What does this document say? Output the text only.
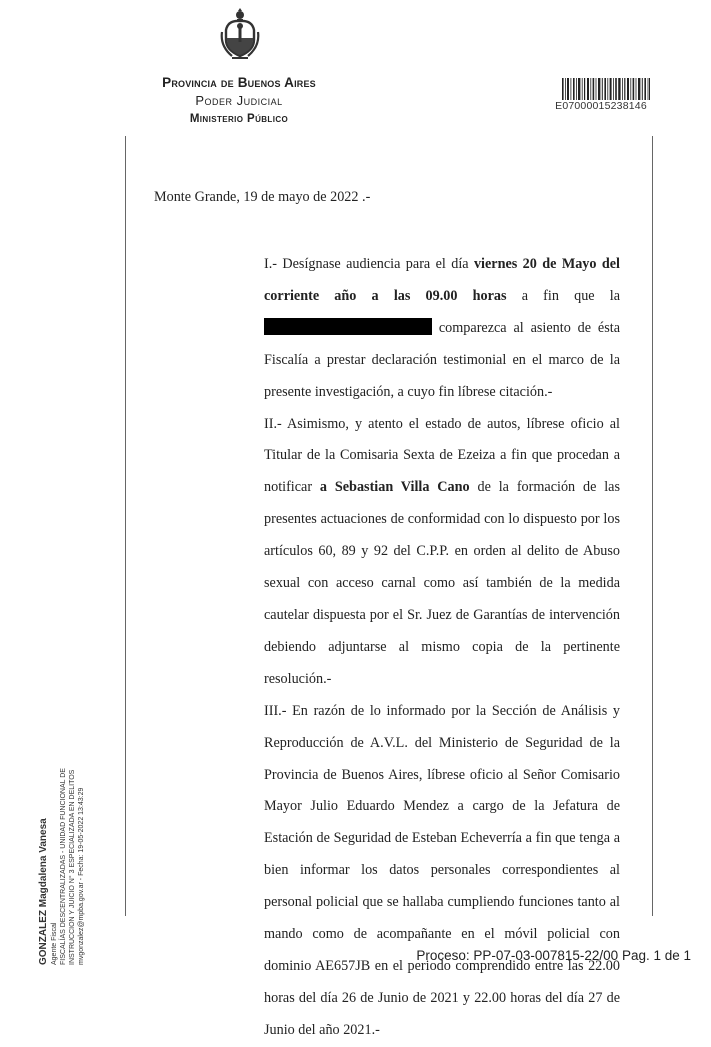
Provincia de Buenos Aires
Poder Judicial
Ministerio Público
E07000015238146
Monte Grande, 19 de mayo de 2022 .-

I.- Desígnase audiencia para el día viernes 20 de Mayo del corriente año a las 09.00 horas a fin que la  comparezca al asiento de ésta Fiscalía a prestar declaración testimonial en el marco de la presente investigación, a cuyo fin líbrese citación.-

II.- Asimismo, y atento el estado de autos, líbrese oficio al Titular de la Comisaria Sexta de Ezeiza a fin que procedan a notificar a Sebastian Villa Cano de la formación de las presentes actuaciones de conformidad con lo dispuesto por los artículos 60, 89 y 92 del C.P.P. en orden al delito de Abuso sexual con acceso carnal como así también de la medida cautelar dispuesta por el Sr. Juez de Garantías de intervención debiendo adjuntarse al mismo copia de la pertinente resolución.-

III.- En razón de lo informado por la Sección de Análisis y Reproducción de A.V.L. del Ministerio de Seguridad de la Provincia de Buenos Aires, líbrese oficio al Señor Comisario Mayor Julio Eduardo Mendez a cargo de la Jefatura de Estación de Seguridad de Esteban Echeverría a fin que tenga a bien informar los datos personales correspondientes al personal policial que se hallaba cumpliendo funciones tanto al mando como de acompañante en el móvil policial con dominio AE657JB en el periodo comprendido entre las 22.00 horas del día 26 de Junio de 2021 y 22.00 horas del día 27 de Junio del año 2021.-

GONZALEZ Magdalena Vanesa Agente Fiscal FISCALÍAS DESCENTRALIZADAS - UNIDAD FUNCIONAL DE INSTRUCCION Y JUICIO N° 3 ESPECIALIZADA EN DELITOS mvgonzalez@mpba.gov.ar - Fecha: 19-05-2022 13:43:29	Proceso: PP-07-03-007815-22/00 Pag. 1 de 1
